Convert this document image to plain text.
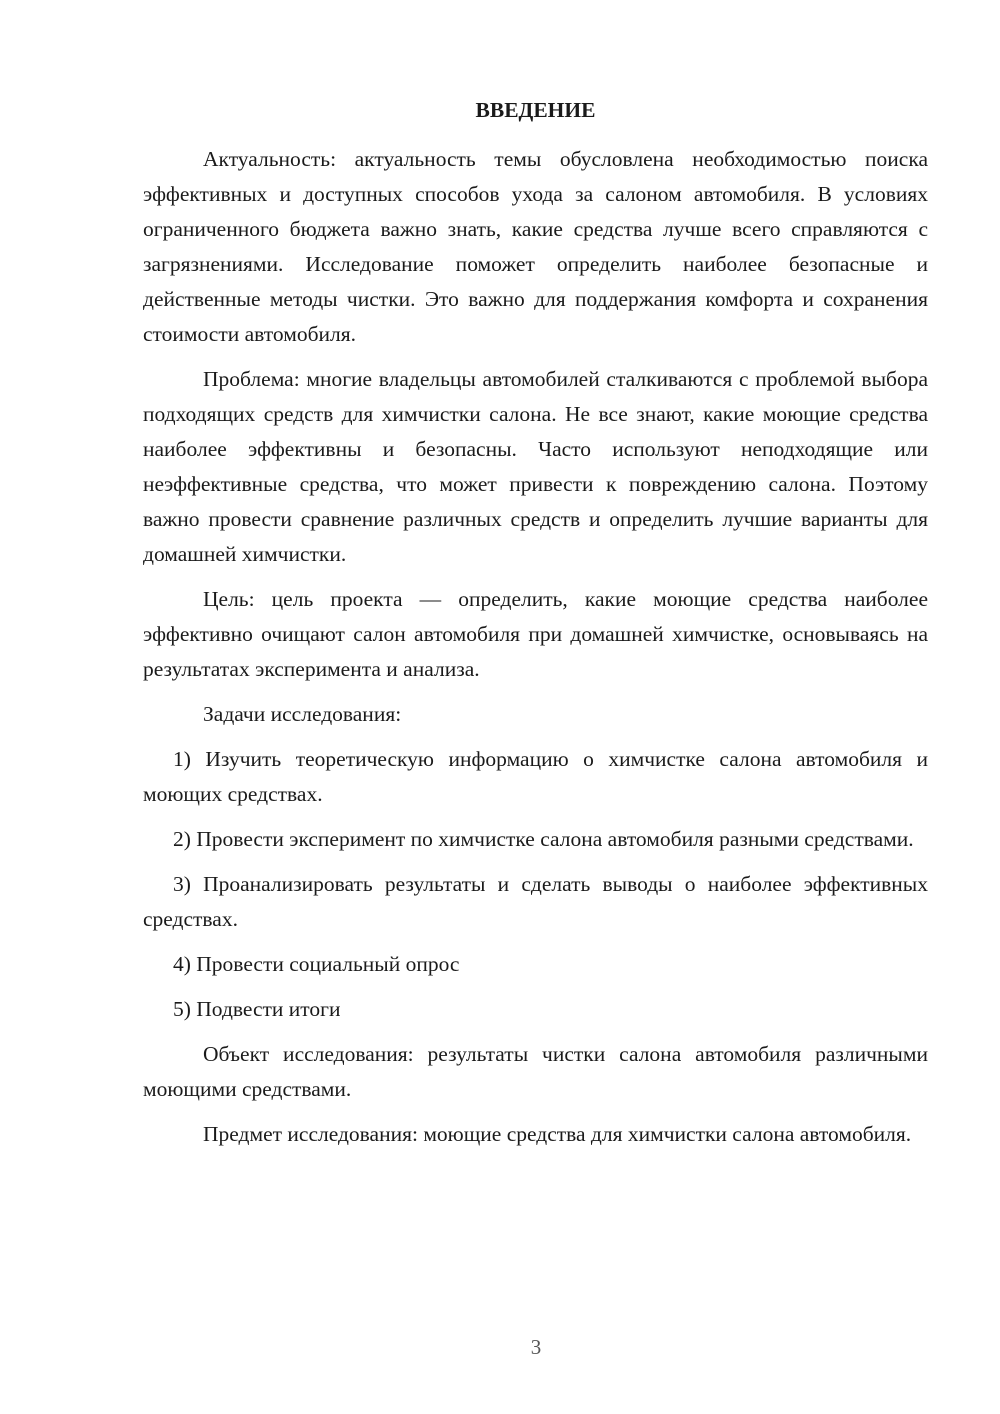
ВВЕДЕНИЕ

Актуальность: актуальность темы обусловлена необходимостью поиска эффективных и доступных способов ухода за салоном автомобиля. В условиях ограниченного бюджета важно знать, какие средства лучше всего справляются с загрязнениями. Исследование поможет определить наиболее безопасные и действенные методы чистки. Это важно для поддержания комфорта и сохранения стоимости автомобиля.

Проблема: многие владельцы автомобилей сталкиваются с проблемой выбора подходящих средств для химчистки салона. Не все знают, какие моющие средства наиболее эффективны и безопасны. Часто используют неподходящие или неэффективные средства, что может привести к повреждению салона. Поэтому важно провести сравнение различных средств и определить лучшие варианты для домашней химчистки.

Цель: цель проекта — определить, какие моющие средства наиболее эффективно очищают салон автомобиля при домашней химчистке, основываясь на результатах эксперимента и анализа.

Задачи исследования:

1) Изучить теоретическую информацию о химчистке салона автомобиля и моющих средствах.

2) Провести эксперимент по химчистке салона автомобиля разными средствами.

3) Проанализировать результаты и сделать выводы о наиболее эффективных средствах.

4) Провести социальный опрос

5) Подвести итоги

Объект исследования: результаты чистки салона автомобиля различными моющими средствами.

Предмет исследования: моющие средства для химчистки салона автомобиля.

3
